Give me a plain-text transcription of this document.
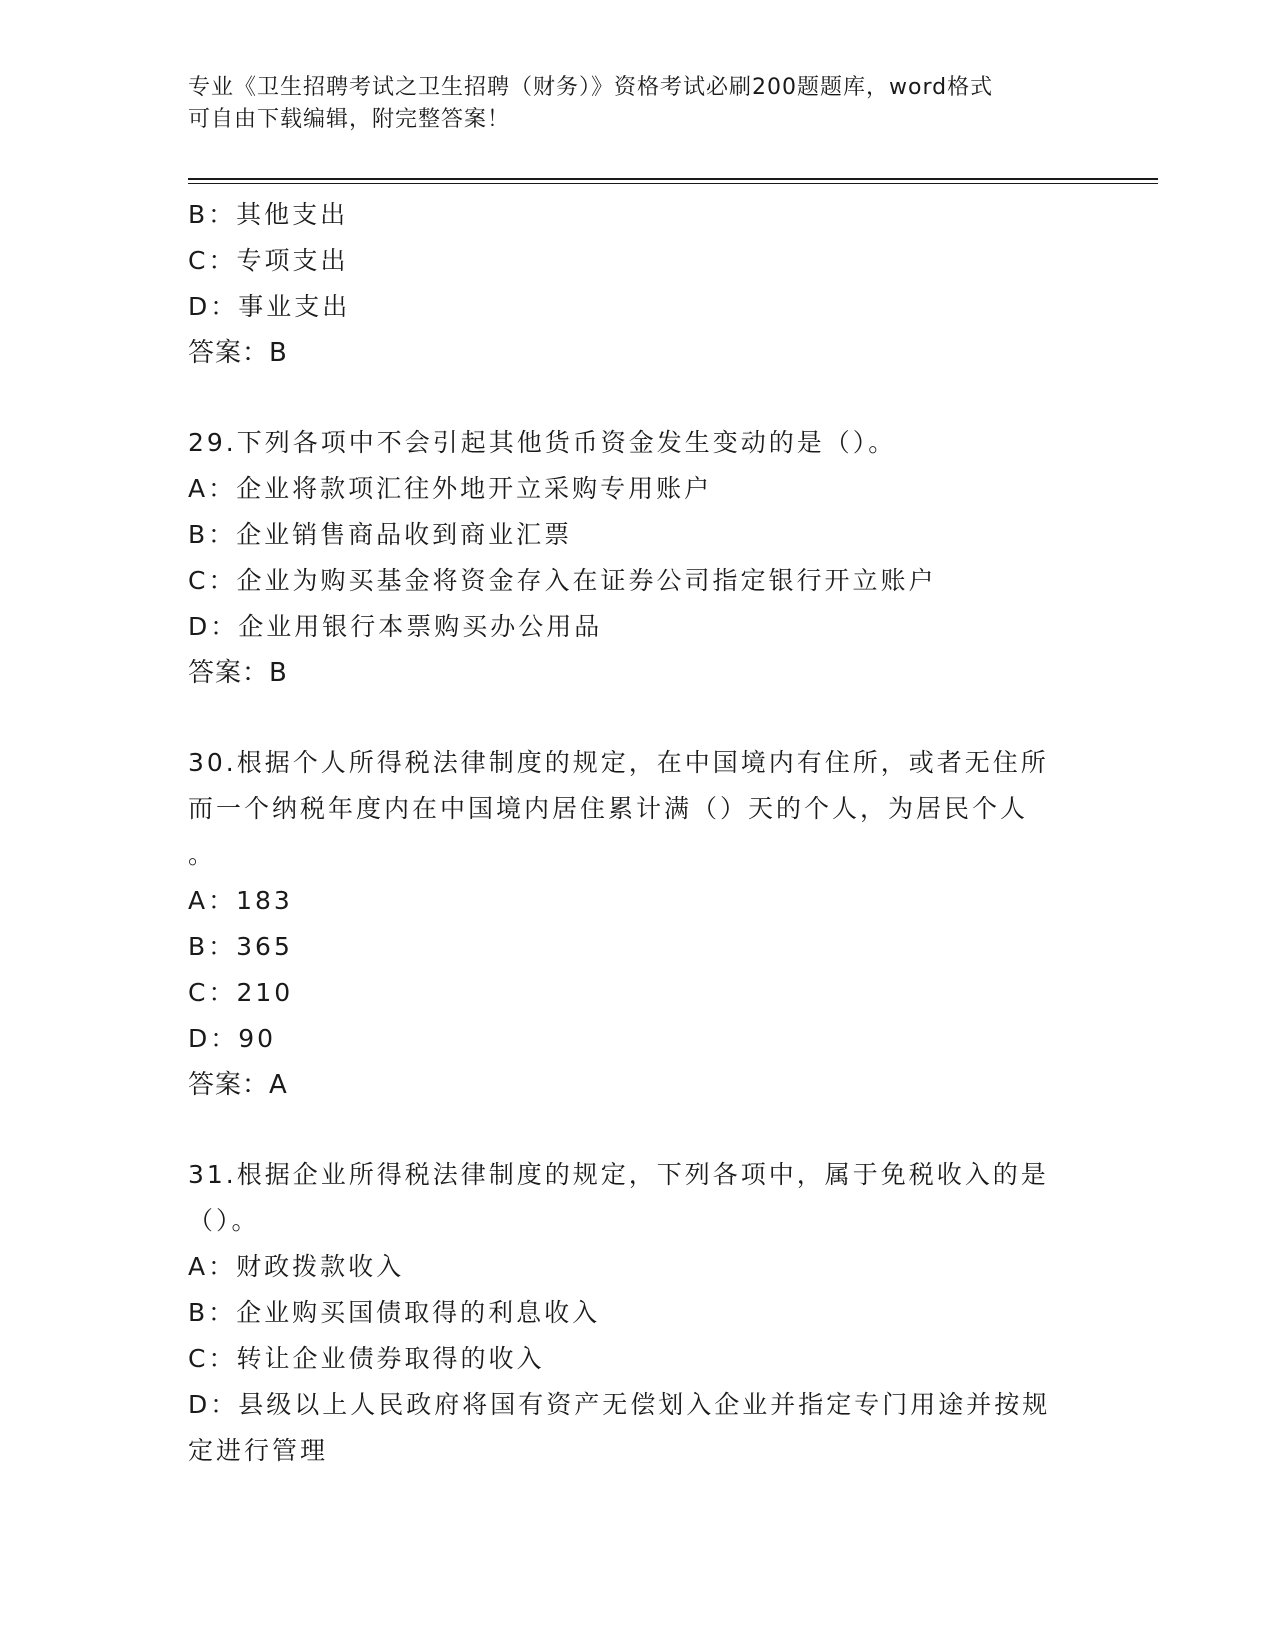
专业《卫生招聘考试之卫生招聘（财务）》资格考试必刷200题题库，word格式
可自由下载编辑，附完整答案！
B：其他支出
C：专项支出
D：事业支出
答案：B
29.下列各项中不会引起其他货币资金发生变动的是（）。
A：企业将款项汇往外地开立采购专用账户
B：企业销售商品收到商业汇票
C：企业为购买基金将资金存入在证券公司指定银行开立账户
D：企业用银行本票购买办公用品
答案：B
30.根据个人所得税法律制度的规定，在中国境内有住所，或者无住所
而一个纳税年度内在中国境内居住累计满（）天的个人，为居民个人
。
A：183
B：365
C：210
D：90
答案：A
31.根据企业所得税法律制度的规定，下列各项中，属于免税收入的是
（）。
A：财政拨款收入
B：企业购买国债取得的利息收入
C：转让企业债券取得的收入
D：县级以上人民政府将国有资产无偿划入企业并指定专门用途并按规
定进行管理
